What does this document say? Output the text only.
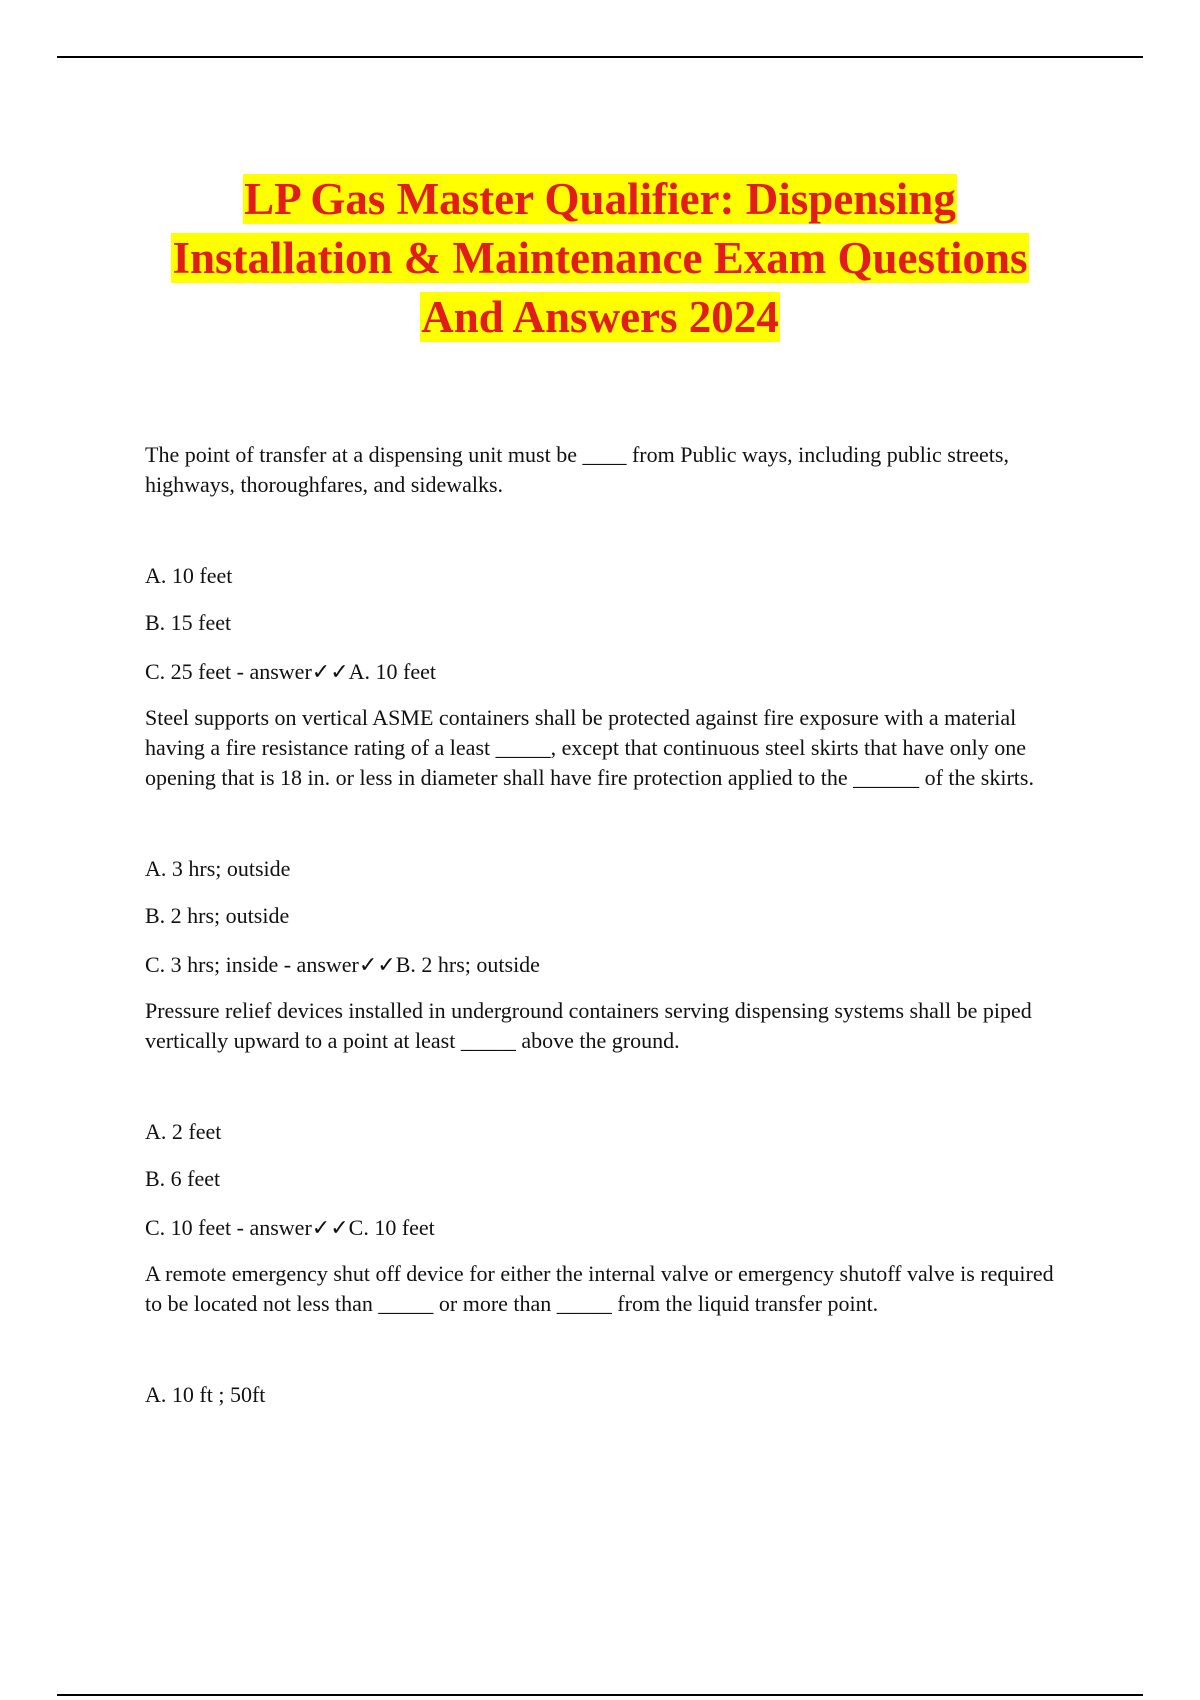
LP Gas Master Qualifier: Dispensing
Installation & Maintenance Exam Questions
And Answers 2024

The point of transfer at a dispensing unit must be ____ from Public ways, including public streets, highways, thoroughfares, and sidewalks.

A. 10 feet

B. 15 feet

C. 25 feet - answer✓✓A. 10 feet

Steel supports on vertical ASME containers shall be protected against fire exposure with a material having a fire resistance rating of a least _____, except that continuous steel skirts that have only one opening that is 18 in. or less in diameter shall have fire protection applied to the ______ of the skirts.

A. 3 hrs; outside

B. 2 hrs; outside

C. 3 hrs; inside - answer✓✓B. 2 hrs; outside

Pressure relief devices installed in underground containers serving dispensing systems shall be piped vertically upward to a point at least _____ above the ground.

A. 2 feet

B. 6 feet

C. 10 feet - answer✓✓C. 10 feet

A remote emergency shut off device for either the internal valve or emergency shutoff valve is required to be located not less than _____ or more than _____ from the liquid transfer point.

A. 10 ft ; 50ft
